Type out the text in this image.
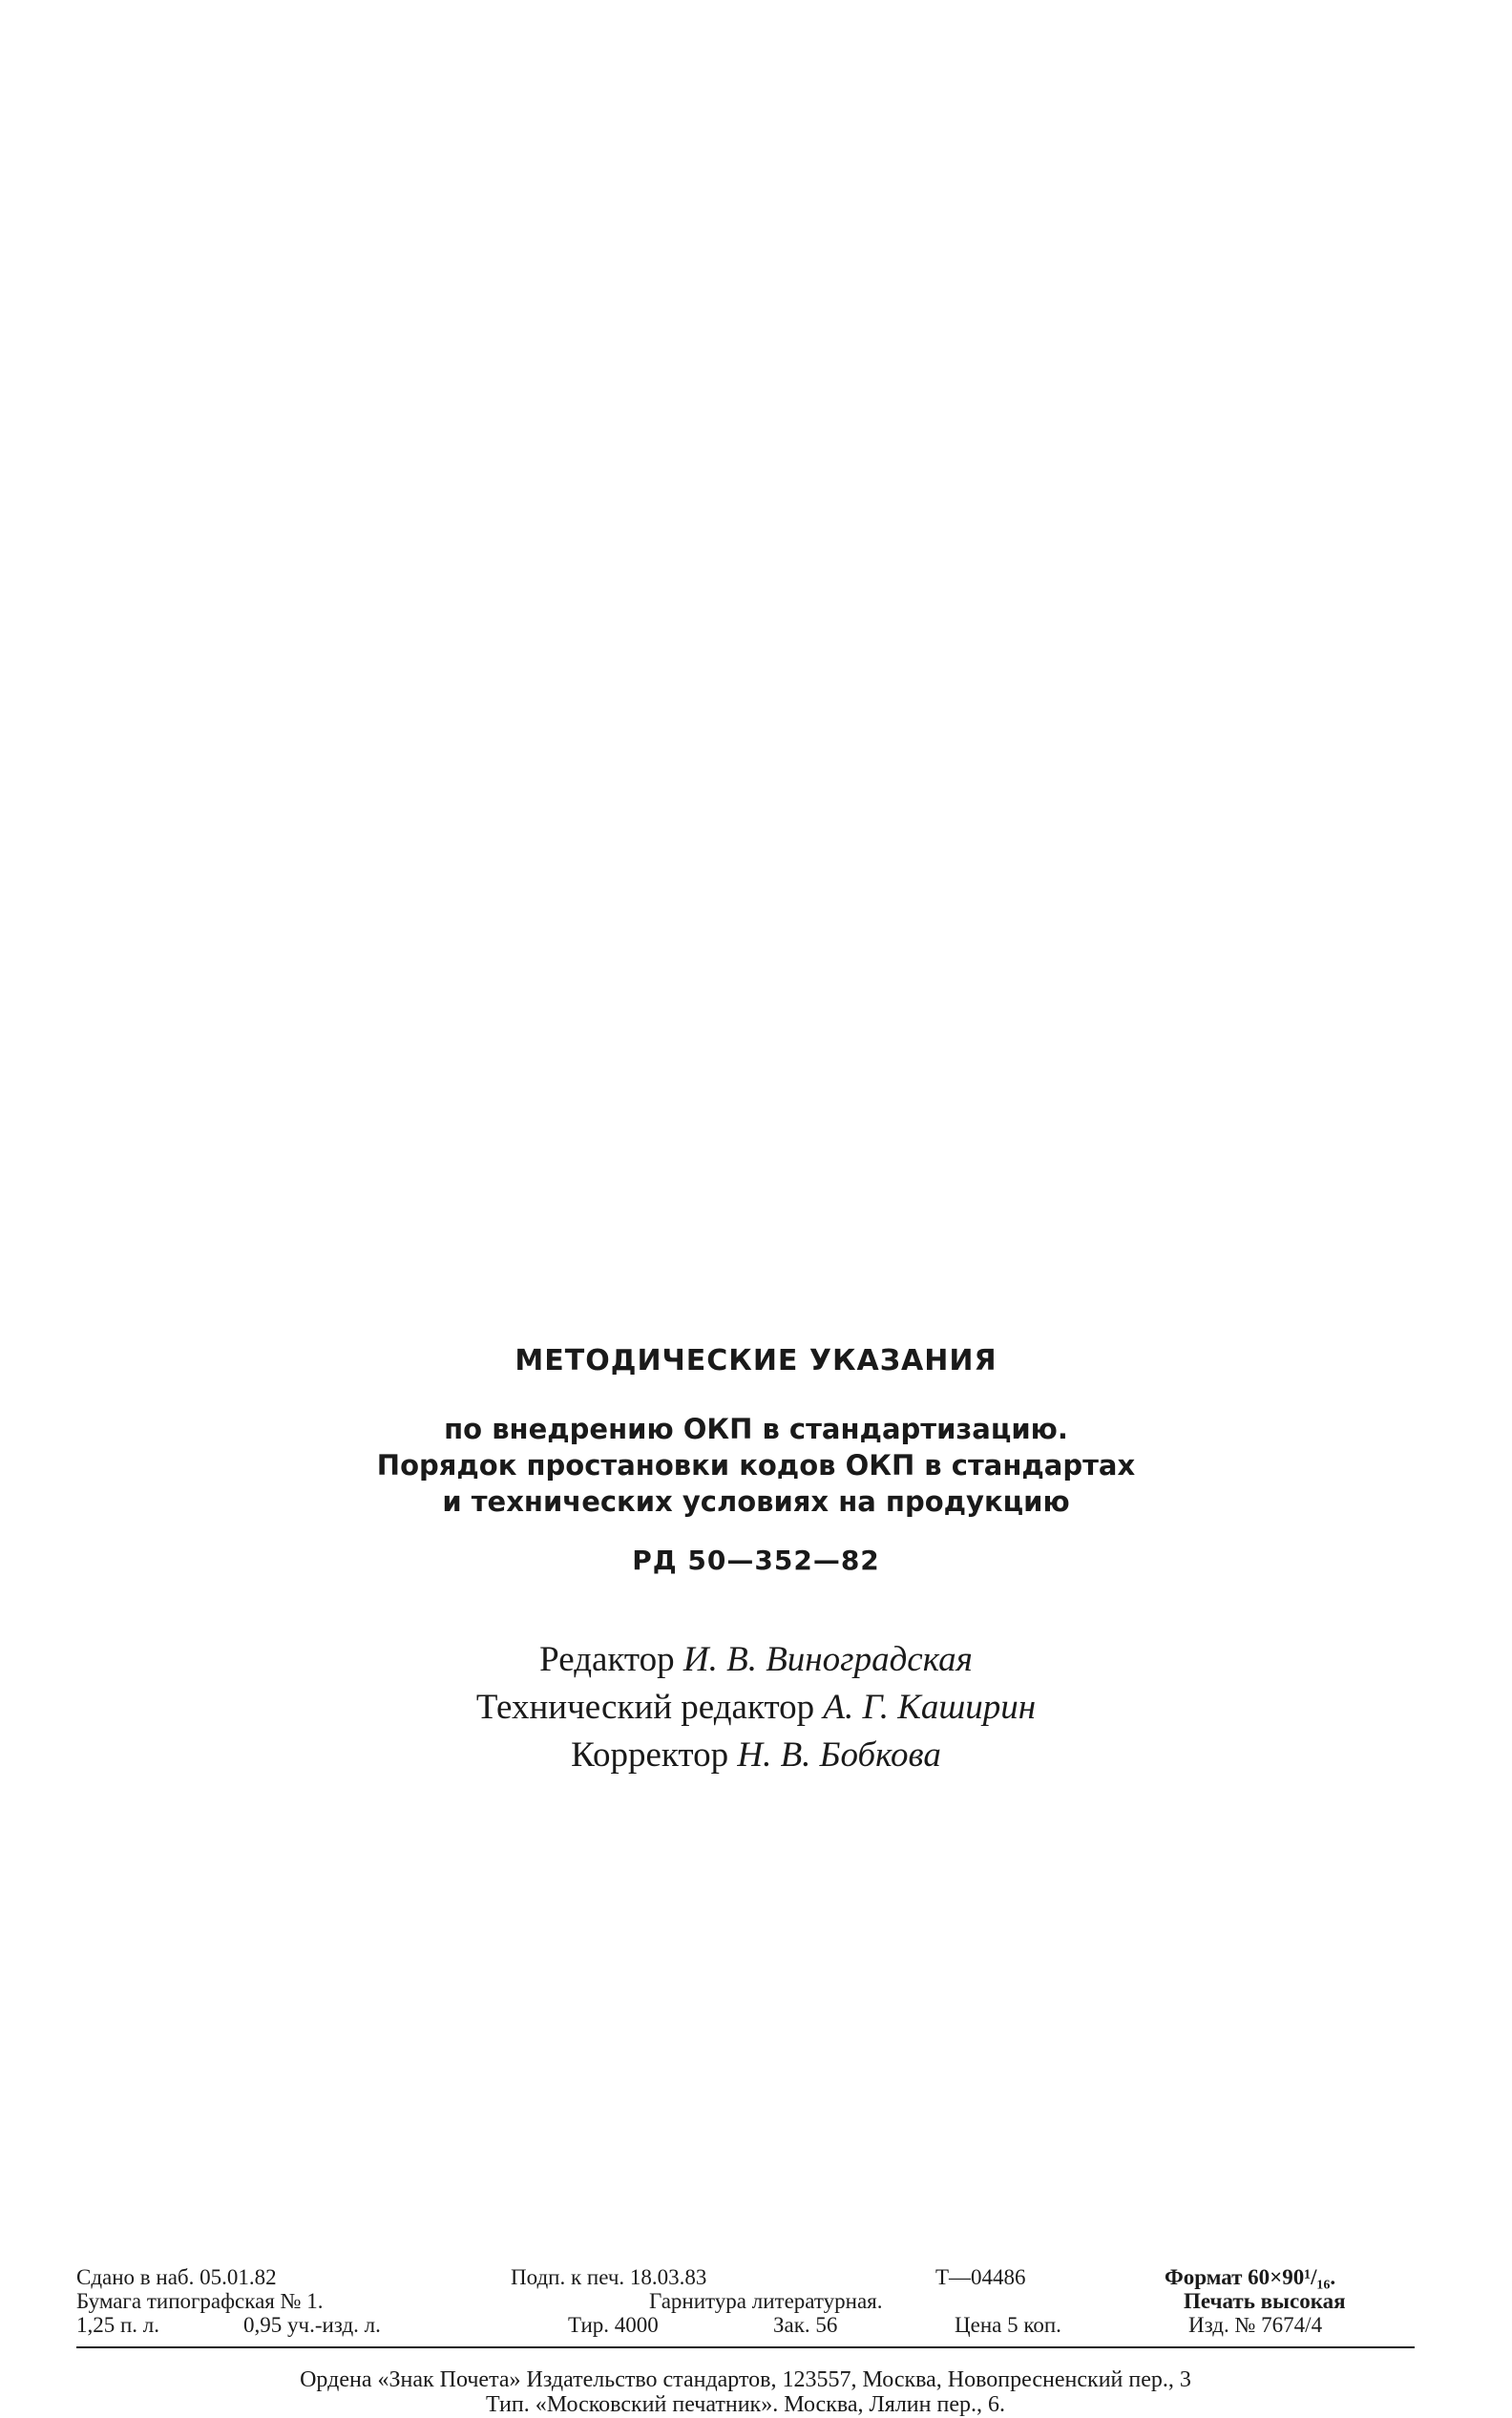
МЕТОДИЧЕСКИЕ УКАЗАНИЯ
по внедрению ОКП в стандартизацию.
Порядок простановки кодов ОКП в стандартах
и технических условиях на продукцию
РД 50—352—82
Редактор И. В. Виноградская
Технический редактор А. Г. Каширин
Корректор Н. В. Бобкова
Сдано в наб. 05.01.82	Подп. к печ. 18.03.83	Т—04486	Формат 60×90¹/₁₆.
Бумага типографская № 1.	Гарнитура литературная.	Печать высокая
1,25 п. л.	0,95 уч.-изд. л.	Тир. 4000	Зак. 56	Цена 5 коп.	Изд. № 7674/4
Ордена «Знак Почета» Издательство стандартов, 123557, Москва, Новопресненский пер., 3
Тип. «Московский печатник». Москва, Лялин пер., 6.
